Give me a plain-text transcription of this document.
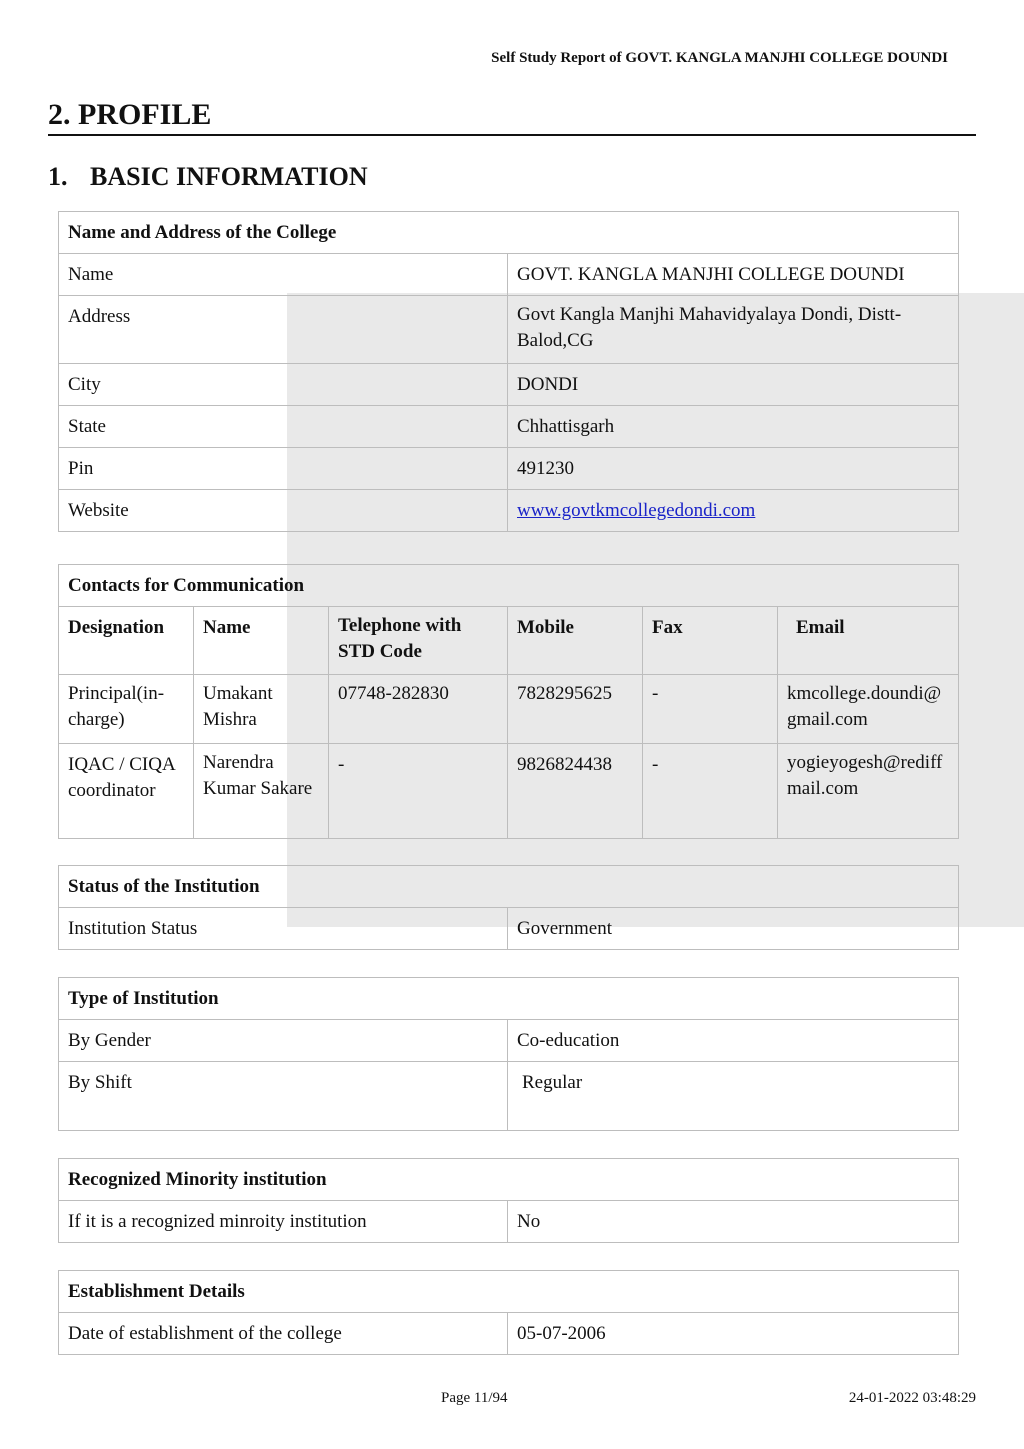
Self Study Report of GOVT. KANGLA MANJHI COLLEGE DOUNDI
2. PROFILE
1. BASIC INFORMATION
Name and Address of the College	
Name	GOVT. KANGLA MANJHI COLLEGE DOUNDI
Address	Govt Kangla Manjhi Mahavidyalaya Dondi, Distt-Balod,CG
City	DONDI
State	Chhattisgarh
Pin	491230
Website	www.govtkmcollegedondi.com
Contacts for Communication					
Designation	Name	Telephone with STD Code	Mobile	Fax	Email
Principal(in-charge)	Umakant Mishra	07748-282830	7828295625	-	kmcollege.doundi@gmail.com
IQAC / CIQA coordinator	Narendra Kumar Sakare	-	9826824438	-	yogieyogesh@rediffmail.com
Status of the Institution
Institution Status	Government
Type of Institution	
By Gender	Co-education
By Shift	Regular
Recognized Minority institution
If it is a recognized minroity institution	No
Establishment Details
Date of establishment of the college	05-07-2006
Page 11/94	24-01-2022 03:48:29
